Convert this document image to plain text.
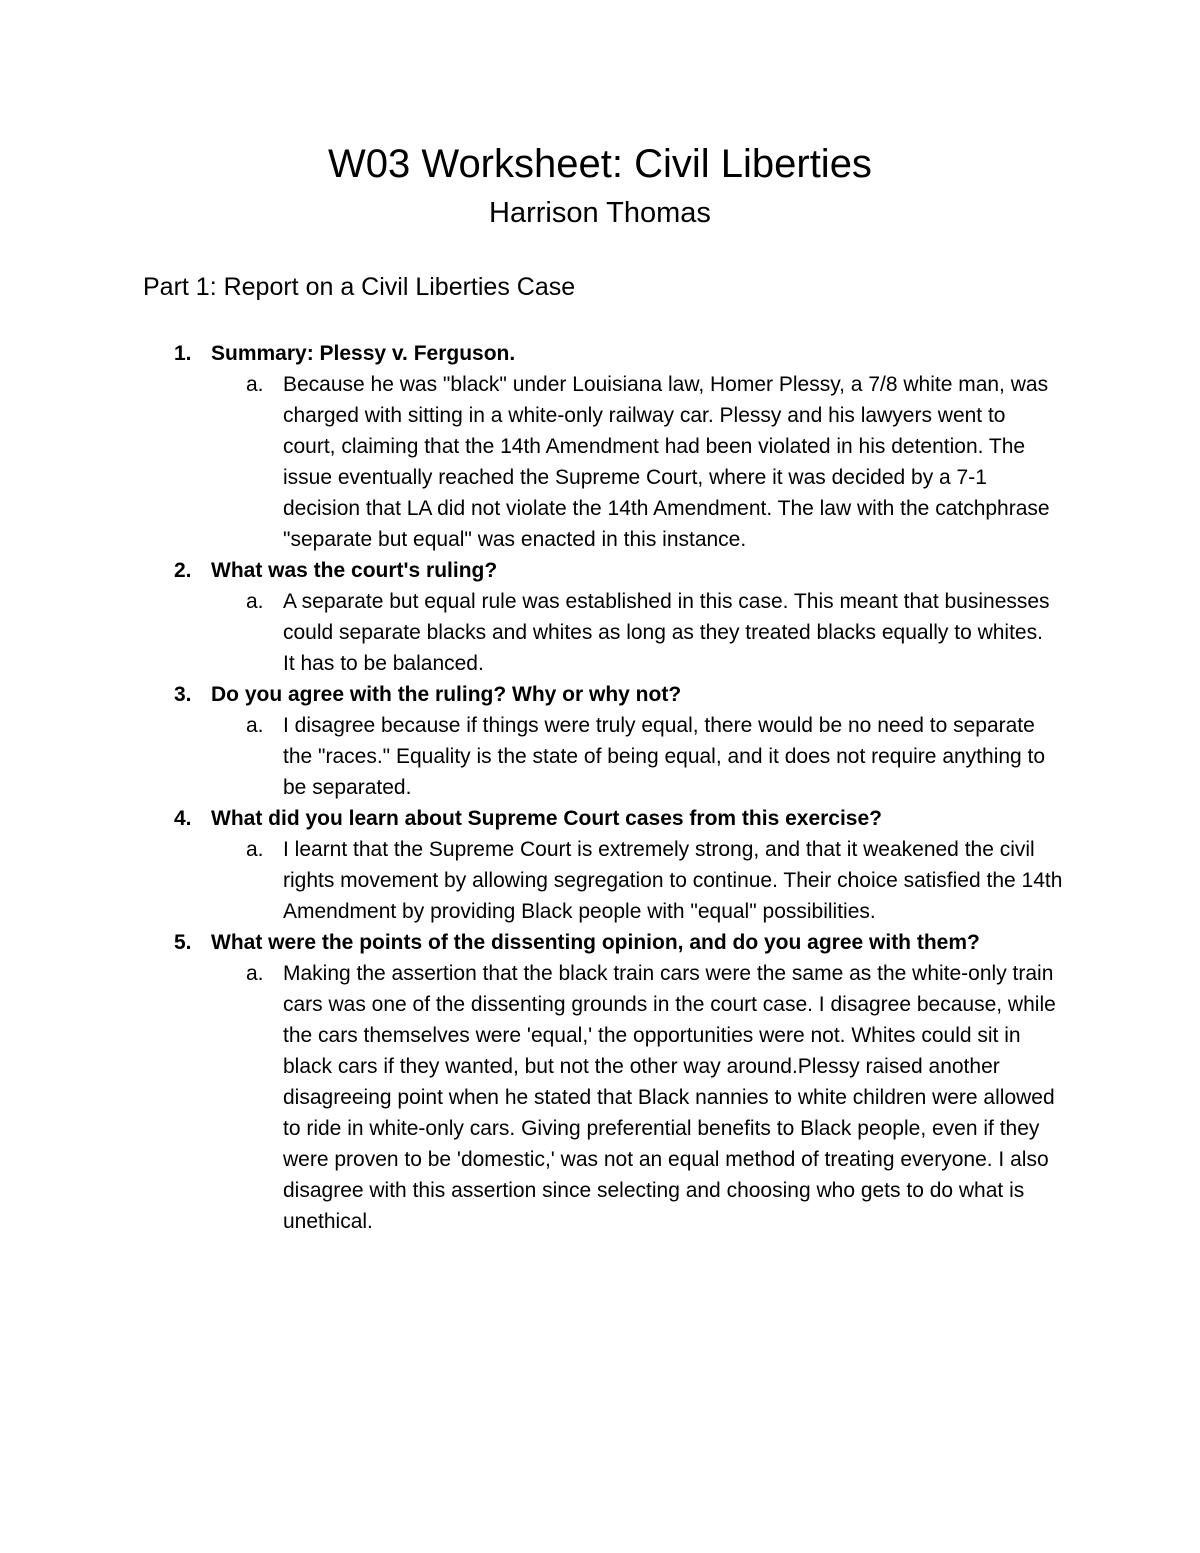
W03 Worksheet: Civil Liberties
Harrison Thomas
Part 1: Report on a Civil Liberties Case
1. Summary: Plessy v. Ferguson.
a. Because he was "black" under Louisiana law, Homer Plessy, a 7/8 white man, was charged with sitting in a white-only railway car. Plessy and his lawyers went to court, claiming that the 14th Amendment had been violated in his detention. The issue eventually reached the Supreme Court, where it was decided by a 7-1 decision that LA did not violate the 14th Amendment. The law with the catchphrase "separate but equal" was enacted in this instance.
2. What was the court's ruling?
a. A separate but equal rule was established in this case. This meant that businesses could separate blacks and whites as long as they treated blacks equally to whites. It has to be balanced.
3. Do you agree with the ruling? Why or why not?
a. I disagree because if things were truly equal, there would be no need to separate the "races." Equality is the state of being equal, and it does not require anything to be separated.
4. What did you learn about Supreme Court cases from this exercise?
a. I learnt that the Supreme Court is extremely strong, and that it weakened the civil rights movement by allowing segregation to continue. Their choice satisfied the 14th Amendment by providing Black people with "equal" possibilities.
5. What were the points of the dissenting opinion, and do you agree with them?
a. Making the assertion that the black train cars were the same as the white-only train cars was one of the dissenting grounds in the court case. I disagree because, while the cars themselves were 'equal,' the opportunities were not. Whites could sit in black cars if they wanted, but not the other way around.Plessy raised another disagreeing point when he stated that Black nannies to white children were allowed to ride in white-only cars. Giving preferential benefits to Black people, even if they were proven to be 'domestic,' was not an equal method of treating everyone. I also disagree with this assertion since selecting and choosing who gets to do what is unethical.
